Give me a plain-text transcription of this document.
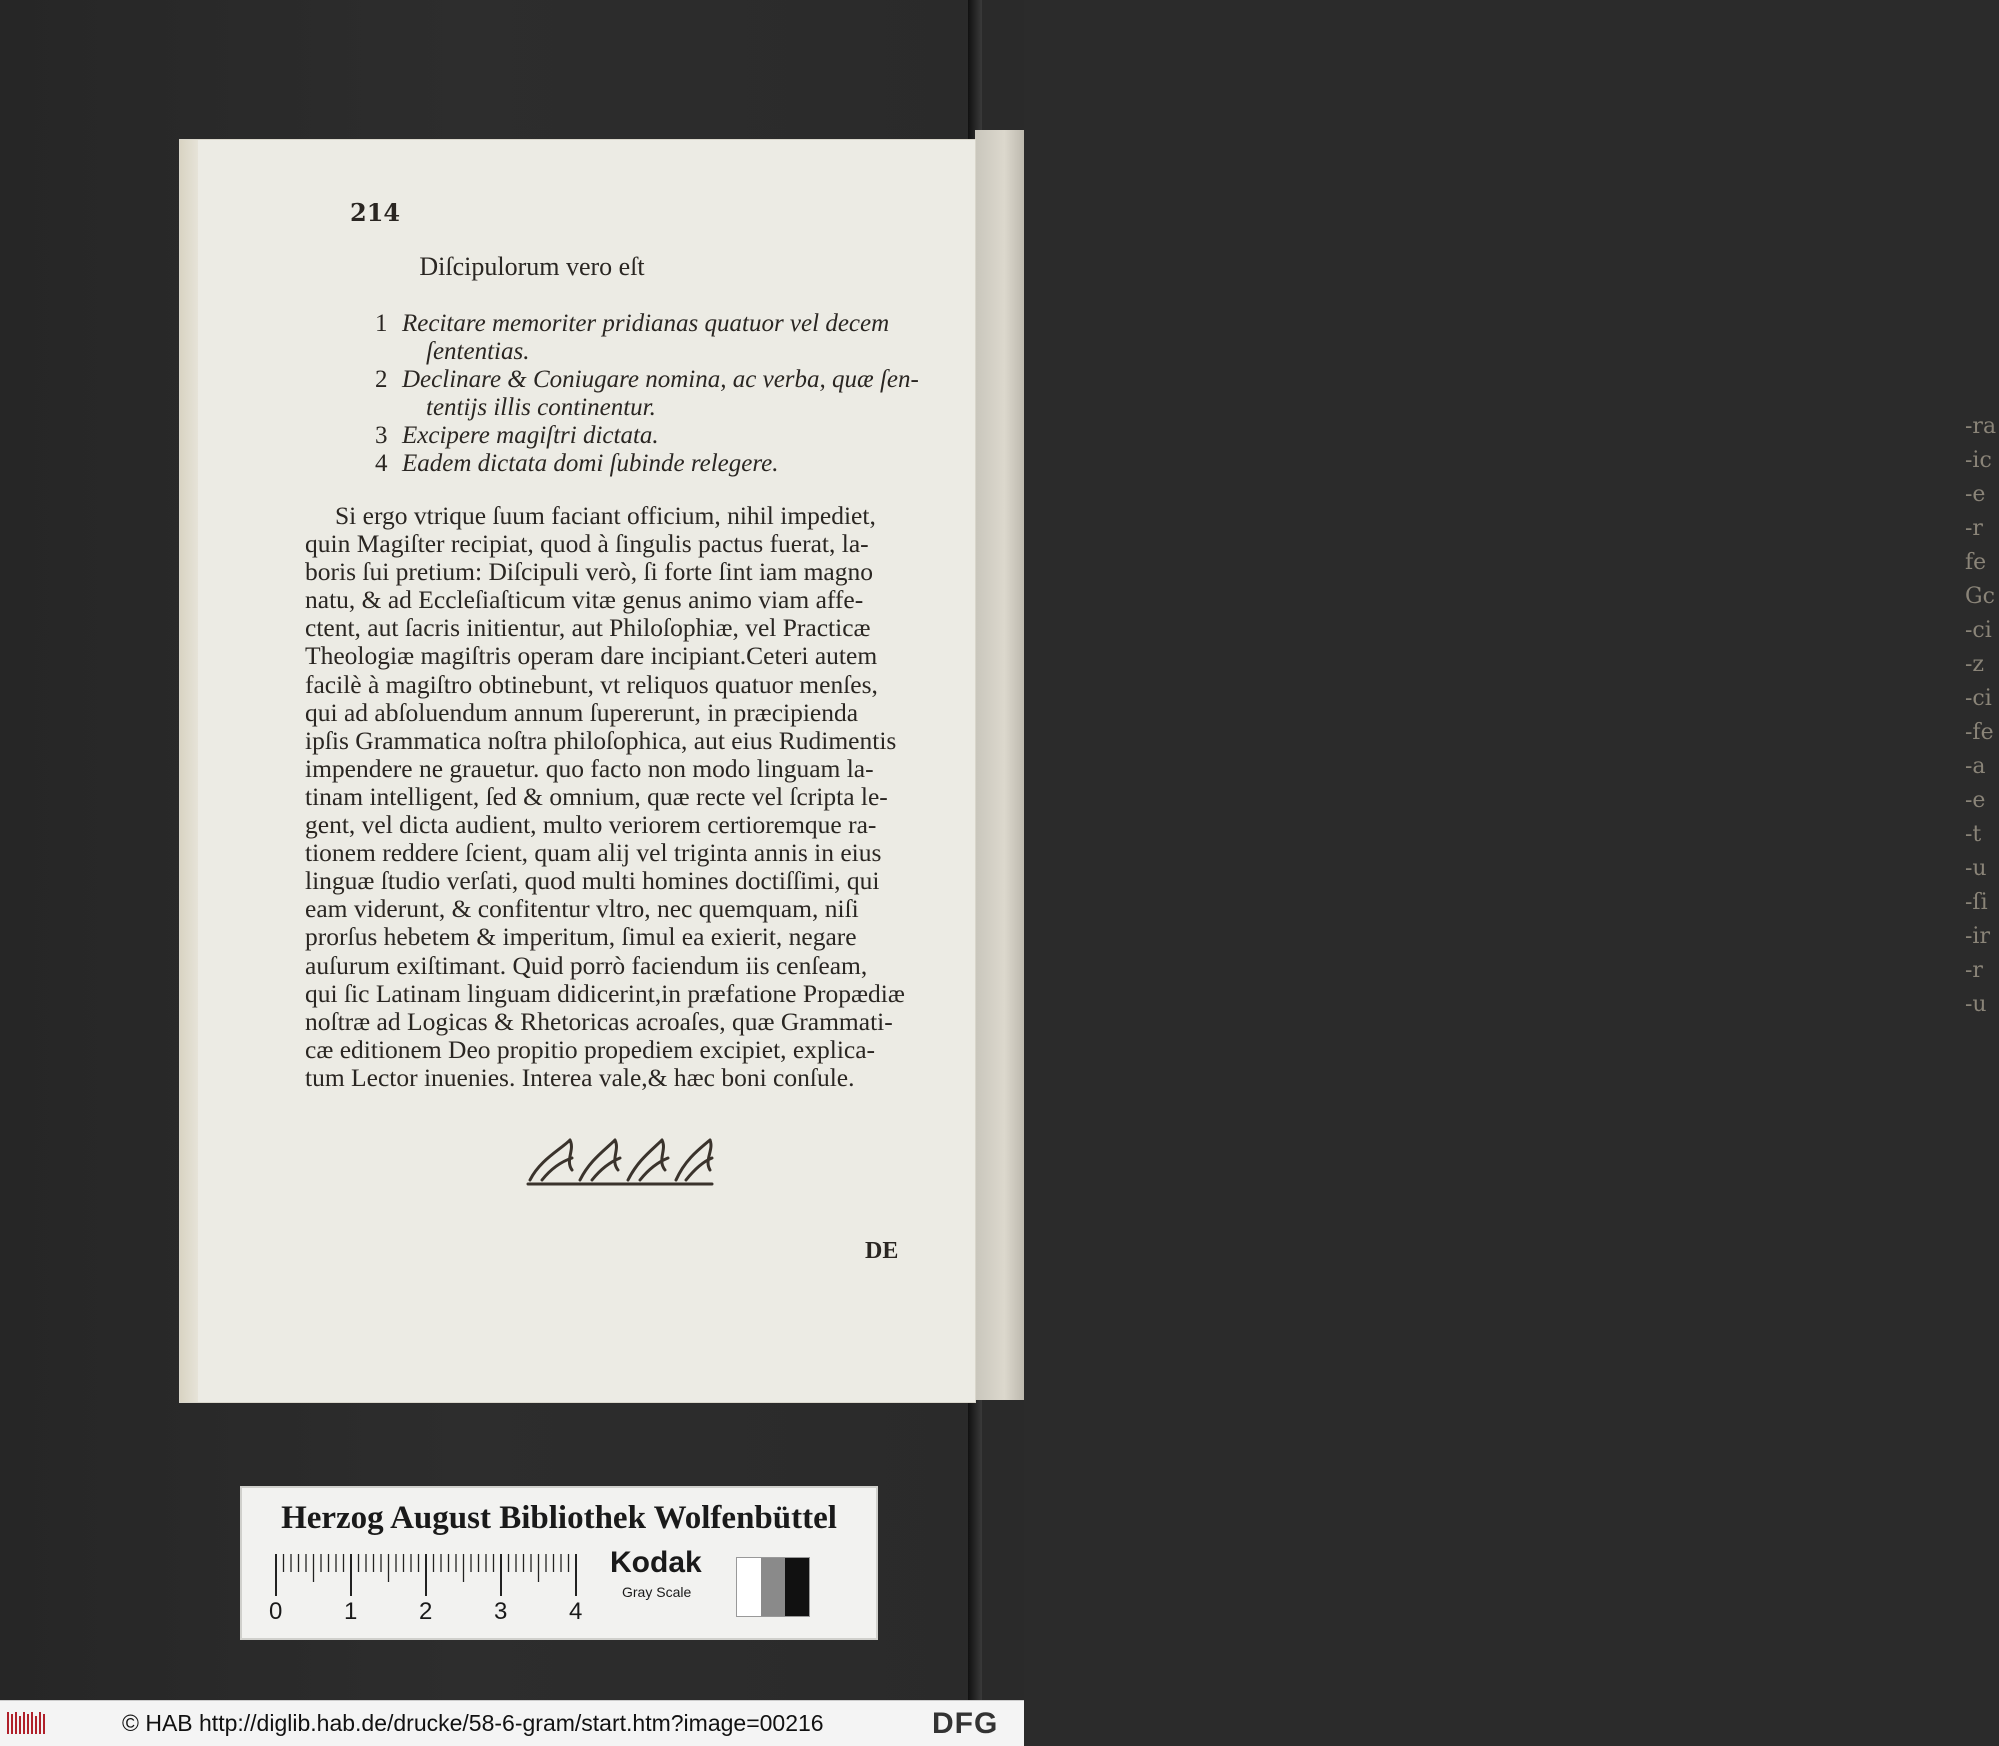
-ra
-ic
-e
-r
fe
Gc
-ci
-z
-ci
-fe
-a
-e
-t
-u
-ſi
-ir
-r
-u
214
Diſcipulorum vero eſt
1 Recitare memoriter pridianas quatuor vel decem
ſententias.
2 Declinare & Coniugare nomina, ac verba, quæ ſen-
tentijs illis continentur.
3 Excipere magiſtri dictata.
4 Eadem dictata domi ſubinde relegere.
Si ergo vtrique ſuum faciant officium, nihil impediet,
quin Magiſter recipiat, quod à ſingulis pactus fuerat, la-
boris ſui pretium: Diſcipuli verò, ſi forte ſint iam magno
natu, & ad Eccleſiaſticum vitæ genus animo viam affe-
ctent, aut ſacris initientur, aut Philoſophiæ, vel Practicæ
Theologiæ magiſtris operam dare incipiant.Ceteri autem
facilè à magiſtro obtinebunt, vt reliquos quatuor menſes,
qui ad abſoluendum annum ſupererunt, in præcipienda
ipſis Grammatica noſtra philoſophica, aut eius Rudimentis
impendere ne grauetur. quo facto non modo linguam la-
tinam intelligent, ſed & omnium, quæ recte vel ſcripta le-
gent, vel dicta audient, multo veriorem certioremque ra-
tionem reddere ſcient, quam alij vel triginta annis in eius
linguæ ſtudio verſati, quod multi homines doctiſſimi, qui
eam viderunt, & confitentur vltro, nec quemquam, niſi
prorſus hebetem & imperitum, ſimul ea exierit, negare
auſurum exiſtimant. Quid porrò faciendum iis cenſeam,
qui ſic Latinam linguam didicerint,in præfatione Propædiæ
noſtræ ad Logicas & Rhetoricas acroaſes, quæ Grammati-
cæ editionem Deo propitio propediem excipiet, explica-
tum Lector inuenies. Interea vale,& hæc boni conſule.
DE
Herzog August Bibliothek Wolfenbüttel
0	1	2	3	4
Kodak
Gray Scale
© HAB http://diglib.hab.de/drucke/58-6-gram/start.htm?image=00216	DFG
